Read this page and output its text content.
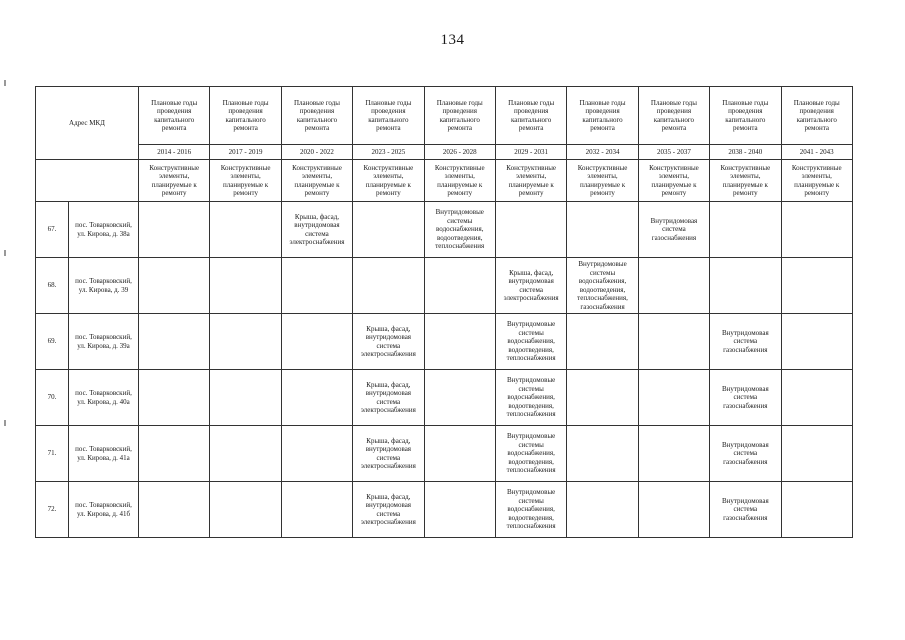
134
Адрес МКД		Плановые годы проведения капитального ремонта	Плановые годы проведения капитального ремонта	Плановые годы проведения капитального ремонта	Плановые годы проведения капитального ремонта	Плановые годы проведения капитального ремонта	Плановые годы проведения капитального ремонта	Плановые годы проведения капитального ремонта	Плановые годы проведения капитального ремонта	Плановые годы проведения капитального ремонта	Плановые годы проведения капитального ремонта
		2014 - 2016	2017 - 2019	2020 - 2022	2023 - 2025	2026 - 2028	2029 - 2031	2032 - 2034	2035 - 2037	2038 - 2040	2041 - 2043
		Конструктивные элементы, планируемые к ремонту	Конструктивные элементы, планируемые к ремонту	Конструктивные элементы, планируемые к ремонту	Конструктивные элементы, планируемые к ремонту	Конструктивные элементы, планируемые к ремонту	Конструктивные элементы, планируемые к ремонту	Конструктивные элементы, планируемые к ремонту	Конструктивные элементы, планируемые к ремонту	Конструктивные элементы, планируемые к ремонту	Конструктивные элементы, планируемые к ремонту
67.	пос. Товарковский, ул. Кирова, д. 38а			Крыша, фасад, внутридомовая система электроснабжения		Внутридомовые системы водоснабжения, водоотведения, теплоснабжения			Внутридомовая система газоснабжения		
68.	пос. Товарковский, ул. Кирова, д. 39						Крыша, фасад, внутридомовая система электроснабжения	Внутридомовые системы водоснабжения, водоотведения, теплоснабжения, газоснабжения			
69.	пос. Товарковский, ул. Кирова, д. 39а				Крыша, фасад, внутридомовая система электроснабжения		Внутридомовые системы водоснабжения, водоотведения, теплоснабжения			Внутридомовая система газоснабжения	
70.	пос. Товарковский, ул. Кирова, д. 40а				Крыша, фасад, внутридомовая система электроснабжения		Внутридомовые системы водоснабжения, водоотведения, теплоснабжения			Внутридомовая система газоснабжения	
71.	пос. Товарковский, ул. Кирова, д. 41а				Крыша, фасад, внутридомовая система электроснабжения		Внутридомовые системы водоснабжения, водоотведения, теплоснабжения			Внутридомовая система газоснабжения	
72.	пос. Товарковский, ул. Кирова, д. 41б				Крыша, фасад, внутридомовая система электроснабжения		Внутридомовые системы водоснабжения, водоотведения, теплоснабжения			Внутридомовая система газоснабжения	
